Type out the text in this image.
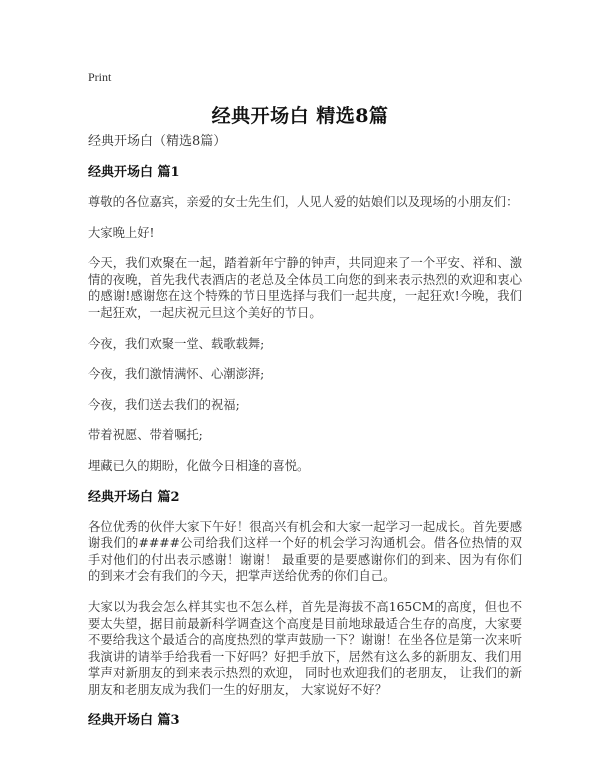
Print
经典开场白 精选8篇
经典开场白（精选8篇）
经典开场白 篇1
尊敬的各位嘉宾，亲爱的女士先生们，人见人爱的姑娘们以及现场的小朋友们：
大家晚上好!
今天，我们欢聚在一起，踏着新年宁静的钟声，共同迎来了一个平安、祥和、激情的夜晚，首先我代表酒店的老总及全体员工向您的到来表示热烈的欢迎和衷心的感谢!感谢您在这个特殊的节日里选择与我们一起共度，一起狂欢!今晚，我们一起狂欢，一起庆祝元旦这个美好的节日。
今夜，我们欢聚一堂、载歌载舞;
今夜，我们激情满怀、心潮澎湃;
今夜，我们送去我们的祝福;
带着祝愿、带着嘱托;
埋藏已久的期盼，化做今日相逢的喜悦。
经典开场白 篇2
各位优秀的伙伴大家下午好！很高兴有机会和大家一起学习一起成长。首先要感谢我们的####公司给我们这样一个好的机会学习沟通机会。借各位热情的双手对他们的付出表示感谢！谢谢！ 最重要的是要感谢你们的到来、因为有你们的到来才会有我们的今天，把掌声送给优秀的你们自己。
大家以为我会怎么样其实也不怎么样，首先是海拔不高165CM的高度，但也不要太失望，据目前最新科学调查这个高度是目前地球最适合生存的高度，大家要不要给我这个最适合的高度热烈的掌声鼓励一下？谢谢！在坐各位是第一次来听我演讲的请举手给我看一下好吗？好把手放下，居然有这么多的新朋友、我们用掌声对新朋友的到来表示热烈的欢迎， 同时也欢迎我们的老朋友， 让我们的新朋友和老朋友成为我们一生的好朋友， 大家说好不好？
经典开场白 篇3
